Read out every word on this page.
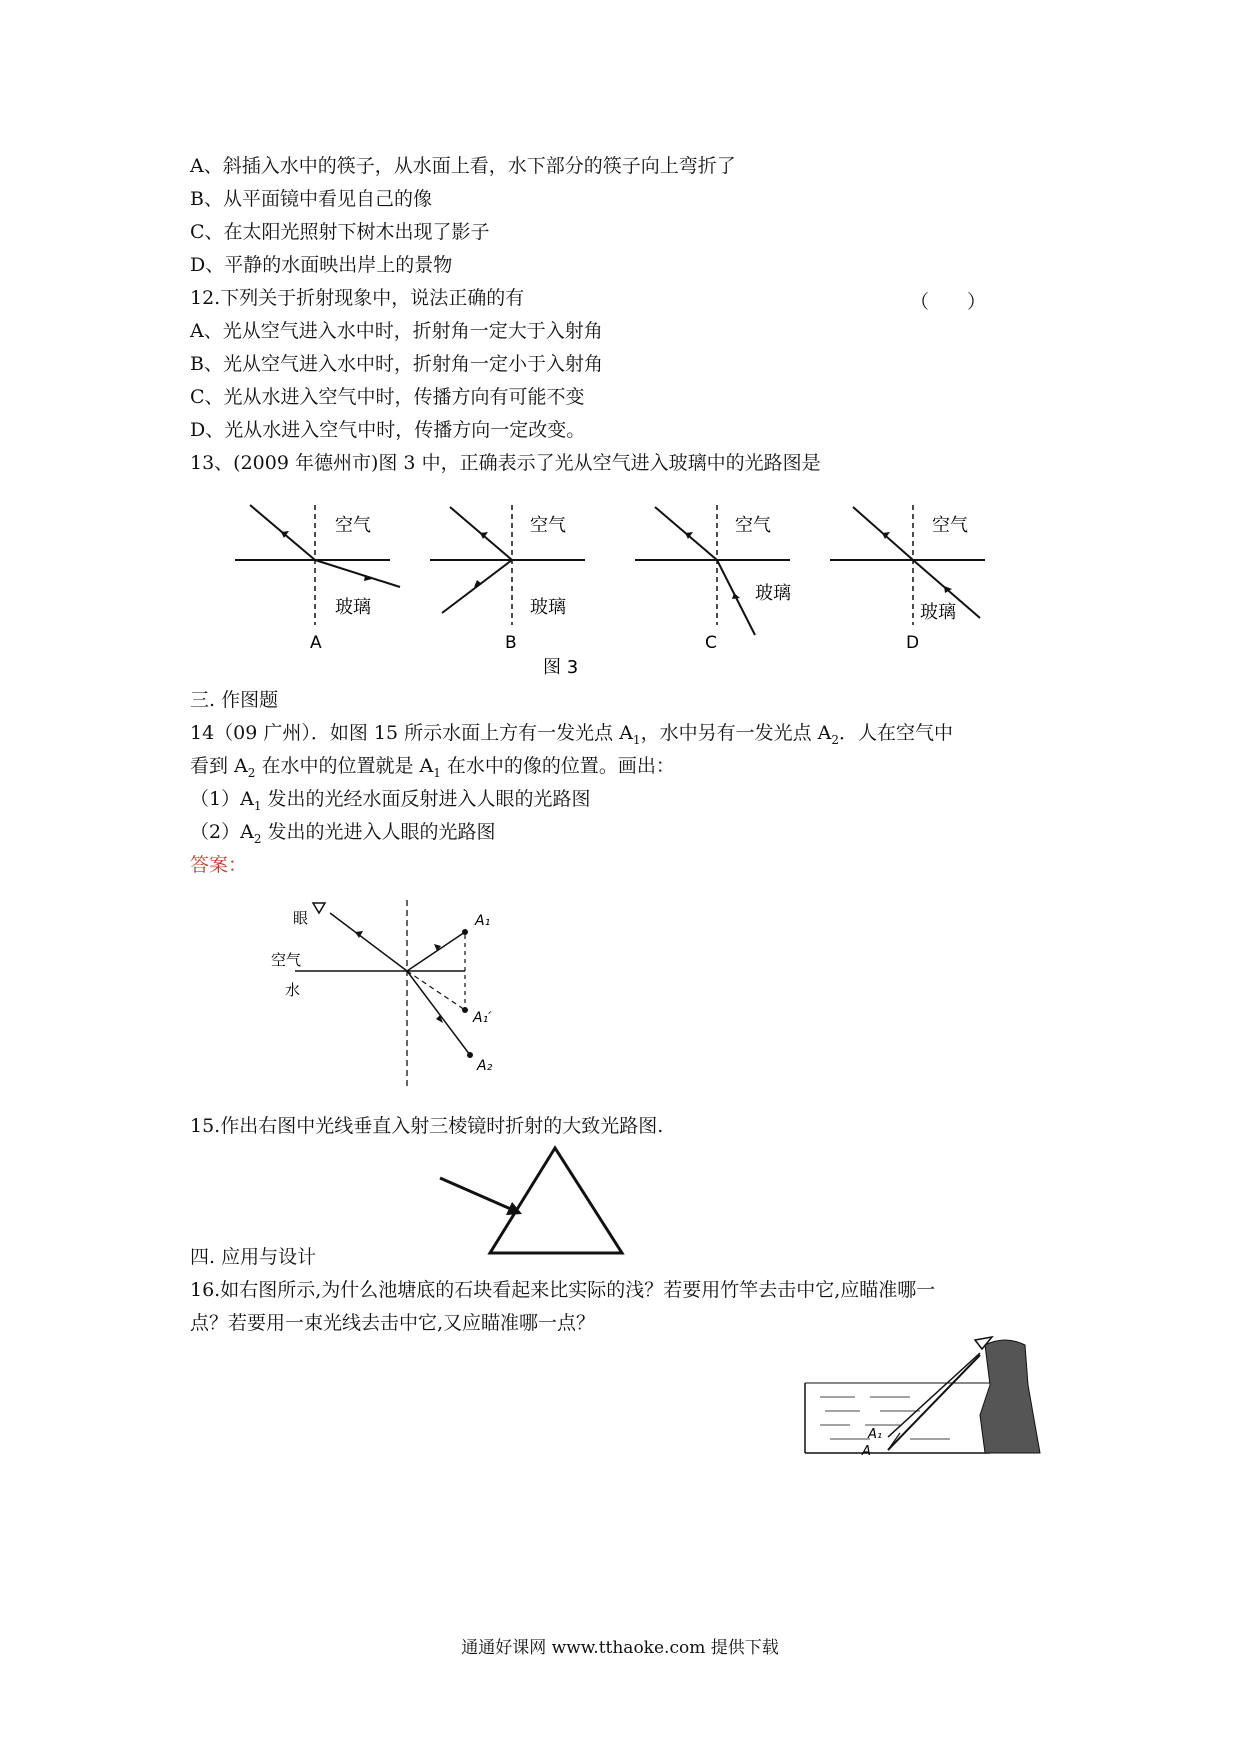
A、斜插入水中的筷子，从水面上看，水下部分的筷子向上弯折了
B、从平面镜中看见自己的像
C、在太阳光照射下树木出现了影子
D、平静的水面映出岸上的景物
12.下列关于折射现象中，说法正确的有	（　　）
A、光从空气进入水中时，折射角一定大于入射角
B、光从空气进入水中时，折射角一定小于入射角
C、光从水进入空气中时，传播方向有可能不变
D、光从水进入空气中时，传播方向一定改变。
13、(2009 年德州市)图 3 中，正确表示了光从空气进入玻璃中的光路图是
空气
玻璃
A
空气
玻璃
B
空气
玻璃
C
空气
玻璃
D
图 3
三. 作图题
14（09 广州）．如图 15 所示水面上方有一发光点 $A_1$，水中另有一发光点 $A_2$．人在空气中
看到 $A_2$ 在水中的位置就是 $A_1$ 在水中的像的位置。画出：
$(1)A_1$ 发出的光经水面反射进入人眼的光路图
$(2)A_2$ 发出的光进入人眼的光路图
答案：
A₁
A₁′
A₂
眼
空气
水
15.作出右图中光线垂直入射三棱镜时折射的大致光路图.
四. 应用与设计
16.如右图所示,为什么池塘底的石块看起来比实际的浅？若要用竹竿去击中它,应瞄准哪一
点？若要用一束光线去击中它,又应瞄准哪一点？
A₁
A
通通好课网 www.tthaoke.com 提供下载
